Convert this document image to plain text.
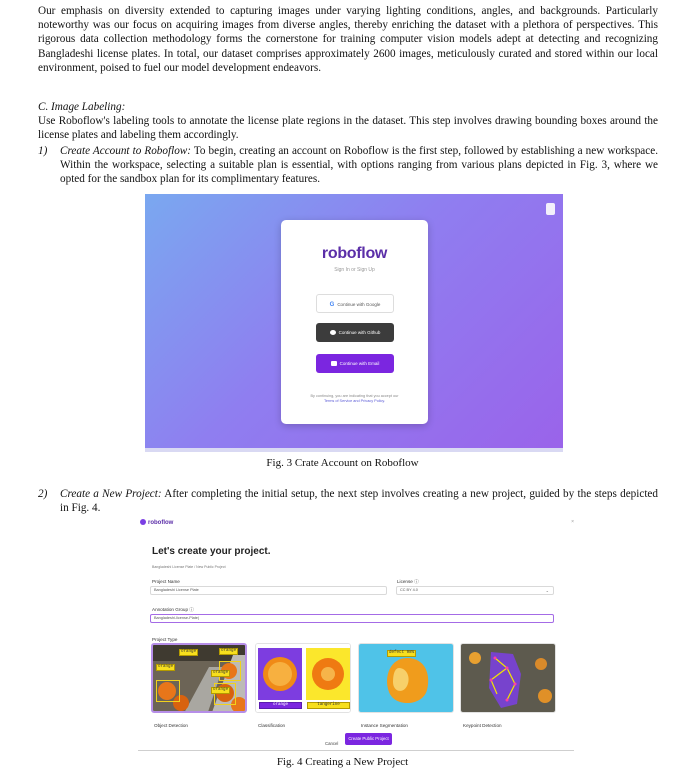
Our emphasis on diversity extended to capturing images under varying lighting conditions, angles, and backgrounds. Particularly noteworthy was our focus on acquiring images from diverse angles, thereby enriching the dataset with a plethora of perspectives. This rigorous data collection methodology forms the cornerstone for training computer vision models adept at detecting and recognizing Bangladeshi license plates. In total, our dataset comprises approximately 2600 images, meticulously curated and stored within our local environment, poised to fuel our model development endeavors.

C. Image Labeling:

Use Roboflow's labeling tools to annotate the license plate regions in the dataset. This step involves drawing bounding boxes around the license plates and labeling them accordingly.

1) Create Account to Roboflow: To begin, creating an account on Roboflow is the first step, followed by establishing a new workspace. Within the workspace, selecting a suitable plan is essential, with options ranging from various plans depicted in Fig. 3, where we opted for the sandbox plan for its complimentary features.

roboflow
Sign In or Sign Up
G Continue with Google
Continue with Github
Continue with Email
By continuing, you are indicating that you accept our
Terms of Service and Privacy Policy.
Fig. 3 Crate Account on Roboflow
2) Create a New Project: After completing the initial setup, the next step involves creating a new project, guided by the steps depicted in Fig. 4.

roboflow	×
Let's create your project.
Bangladeshi License Plate / New Public Project
Project Name
Bangladeshi License Plate
License ⓘ
CC BY 4.0	⌄
Annotation Group ⓘ
Bangladeshi-license-Plate|
Project Type
orange	orange
orange
orange
orange
Object Detection
orange	tangerine
Classification
defect 98%
Instance Segmentation	Keypoint Detection
Cancel
Create Public Project
Fig. 4 Creating a New Project
